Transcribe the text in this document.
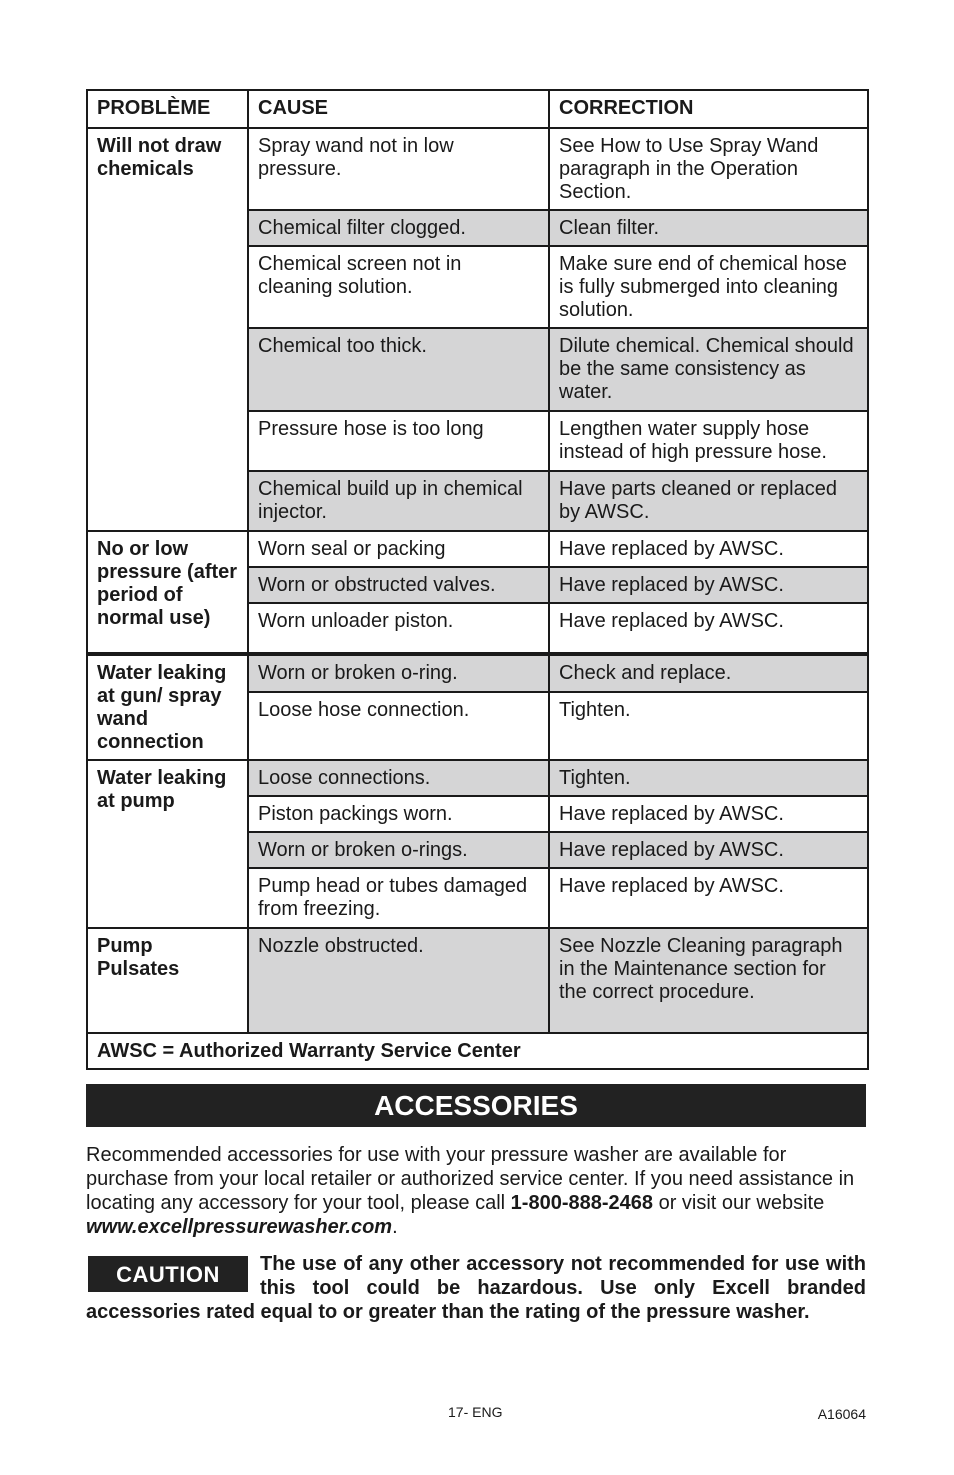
PROBLÈME	CAUSE	CORRECTION
Will not draw chemicals	Spray wand not in low pressure.	See How to Use Spray Wand paragraph in the Operation Section.
	Chemical filter clogged.	Clean filter.
	Chemical screen not in cleaning solution.	Make sure end of chemical hose is fully submerged into cleaning solution.
	Chemical too thick.	Dilute chemical. Chemical should be the same consistency as water.
	Pressure hose is too long	Lengthen water supply hose instead of high pressure hose.
	Chemical build up in chemical injector.	Have parts cleaned or replaced by AWSC.
No or low pressure (after period of normal use)	Worn seal or packing	Have replaced by AWSC.
	Worn or obstructed valves.	Have replaced by AWSC.
	Worn unloader piston.	Have replaced by AWSC.
Water leaking at gun/ spray wand connection	Worn or broken o-ring.	Check and replace.
	Loose hose connection.	Tighten.
Water leaking at pump	Loose connections.	Tighten.
	Piston packings worn.	Have replaced by AWSC.
	Worn or broken o-rings.	Have replaced by AWSC.
	Pump head or tubes damaged from freezing.	Have replaced by AWSC.
Pump Pulsates	Nozzle obstructed.	See Nozzle Cleaning paragraph in the Maintenance section for the correct procedure.
AWSC = Authorized Warranty Service Center		
ACCESSORIES

Recommended accessories for use with your pressure washer are available for purchase from your local retailer or authorized service center. If you need assistance in locating any accessory for your tool, please call 1-800-888-2468 or visit our website www.excellpressurewasher.com.

CAUTION	The use of any other accessory not recommended for use with this tool could be hazardous. Use only Excell branded accessories rated equal to or greater than the rating of the pressure washer.
17- ENG	A16064
